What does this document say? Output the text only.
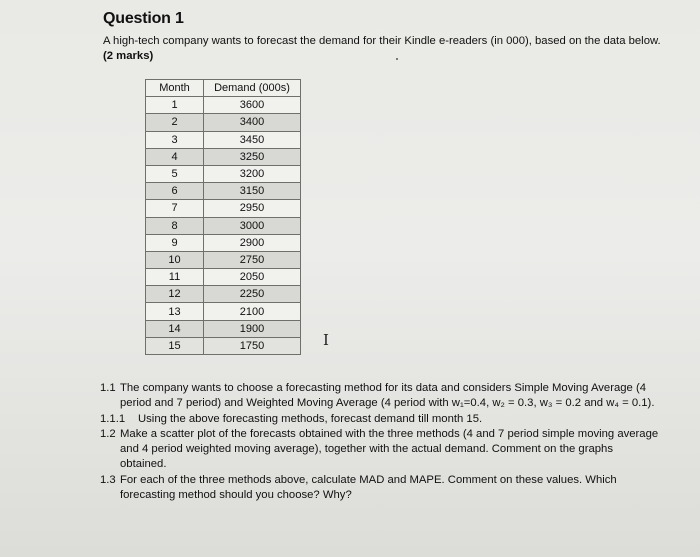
Question 1
A high-tech company wants to forecast the demand for their Kindle e-readers (in 000), based on the data below. (2 marks)
Month	Demand (000s)
1	3600
2	3400
3	3450
4	3250
5	3200
6	3150
7	2950
8	3000
9	2900
10	2750
11	2050
12	2250
13	2100
14	1900
15	1750	I
1.1 The company wants to choose a forecasting method for its data and considers Simple Moving Average (4 period and 7 period) and Weighted Moving Average (4 period with w₁=0.4, w₂ = 0.3, w₃ = 0.2 and w₄ = 0.1).
1.1.1 Using the above forecasting methods, forecast demand till month 15.
1.2 Make a scatter plot of the forecasts obtained with the three methods (4 and 7 period simple moving average and 4 period weighted moving average), together with the actual demand. Comment on the graphs obtained.
1.3 For each of the three methods above, calculate MAD and MAPE. Comment on these values. Which forecasting method should you choose? Why?
